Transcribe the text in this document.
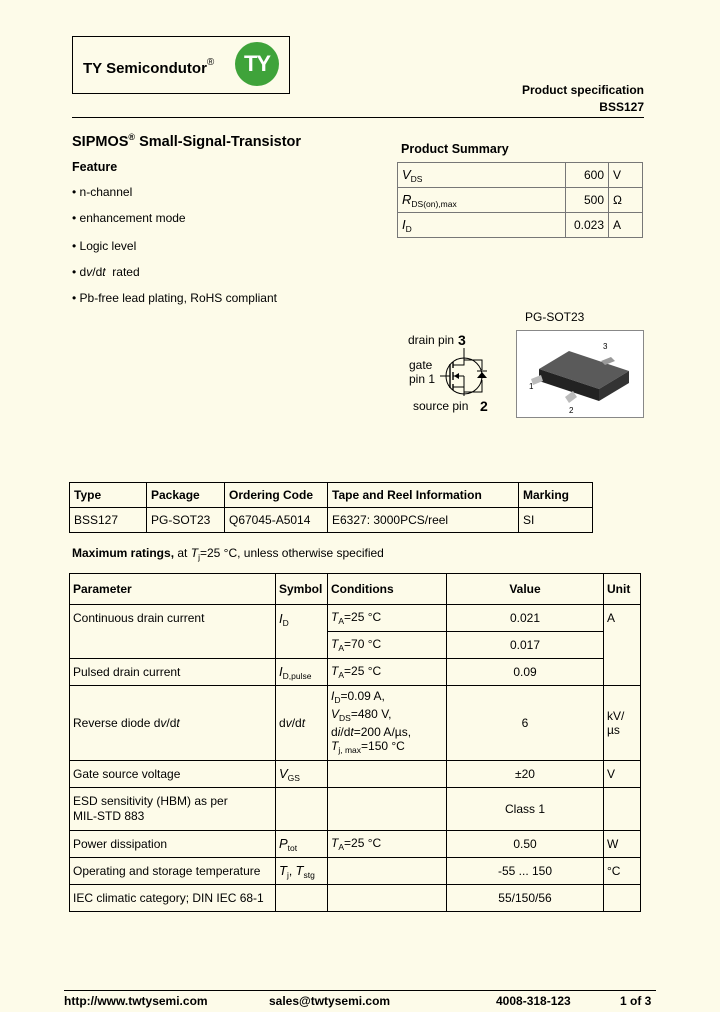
TY Semicondutor®	TY
Product specification
BSS127
SIPMOS® Small-Signal-Transistor
Feature
• n-channel
• enhancement mode
• Logic level
• dv/dt rated
• Pb-free lead plating, RoHS compliant
Product Summary
$V_{DS}$	600	V
$R_{DS(on),max}$	500	Ω
$I_D$	0.023	A
PG-SOT23
3
1
2
drain pin 3
gate
pin 1
source pin 2
Type	Package	Ordering Code	Tape and Reel Information	Marking
BSS127	PG-SOT23	Q67045-A5014	E6327: 3000PCS/reel	SI
Maximum ratings, at $T_j=25$ °C, unless otherwise specified
Parameter	Symbol	Conditions	Value	Unit
Continuous drain current	$I_D$	$T_A=25$ °C	0.021	A
		$T_A=70$ °C	0.017	
Pulsed drain current	$I_{D,pulse}$	$T_A=25$ °C	0.09	
Reverse diode dv/dt	dv/dt	$I_D=0.09$ A,
$V_{DS}=480$ V,
di/dt=200 A/µs,
$T_{j, max}=150$ °C	6	kV/µs
Gate source voltage	$V_{GS}$		±20	V

ESD sensitivity (HBM) as per
MIL-STD 883			Class 1	
Power dissipation	$P_{tot}$	$T_A=25$ °C	0.50	W
Operating and storage temperature	$T_j$, $T_{stg}$		-55 ... 150	°C
IEC climatic category; DIN IEC 68-1			55/150/56	
http://www.twtysemi.com	sales@twtysemi.com	4008-318-123	1 of 3
